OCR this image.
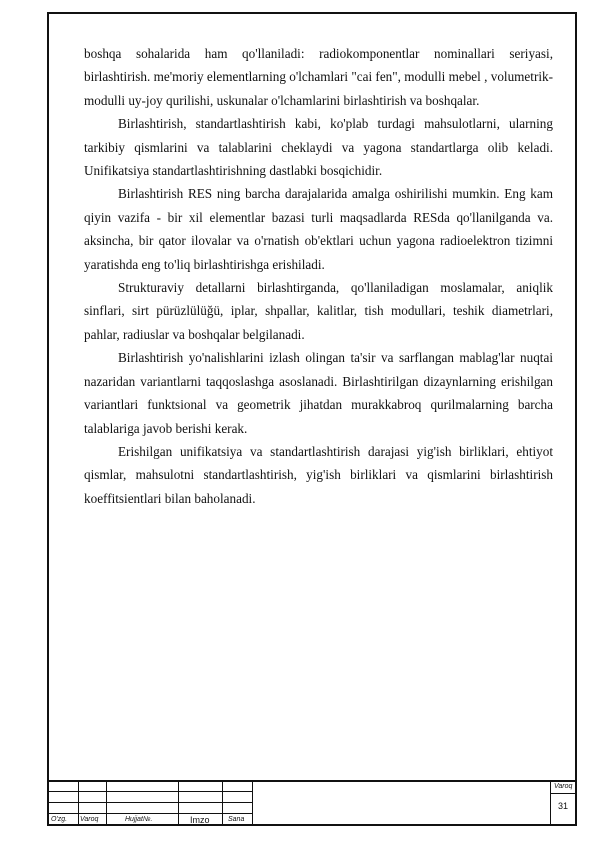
boshqa sohalarida ham qo'llaniladi: radiokomponentlar nominallari seriyasi, birlashtirish. me'moriy elementlarning o'lchamlari "cai fen", modulli mebel , volumetrik-modulli uy-joy qurilishi, uskunalar o'lchamlarini birlashtirish va boshqalar.

Birlashtirish, standartlashtirish kabi, ko'plab turdagi mahsulotlarni, ularning tarkibiy qismlarini va talablarini cheklaydi va yagona standartlarga olib keladi. Unifikatsiya standartlashtirishning dastlabki bosqichidir.

Birlashtirish RES ning barcha darajalarida amalga oshirilishi mumkin. Eng kam qiyin vazifa - bir xil elementlar bazasi turli maqsadlarda RESda qo'llanilganda va. aksincha, bir qator ilovalar va o'rnatish ob'ektlari uchun yagona radioelektron tizimni yaratishda eng to'liq birlashtirishga erishiladi.

Strukturaviy detallarni birlashtirganda, qo'llaniladigan moslamalar, aniqlik sinflari, sirt pürüzlülüğü, iplar, shpallar, kalitlar, tish modullari, teshik diametrlari, pahlar, radiuslar va boshqalar belgilanadi.

Birlashtirish yo'nalishlarini izlash olingan ta'sir va sarflangan mablag'lar nuqtai nazaridan variantlarni taqqoslashga asoslanadi. Birlashtirilgan dizaynlarning erishilgan variantlari funktsional va geometrik jihatdan murakkabroq qurilmalarning barcha talablariga javob berishi kerak.

Erishilgan unifikatsiya va standartlashtirish darajasi yig'ish birliklari, ehtiyot qismlar, mahsulotni standartlashtirish, yig'ish birliklari va qismlarini birlashtirish koeffitsientlari bilan baholanadi.

O'zg. Varoq	Hujjat№.	Imzo	Sana
Varoq
31
